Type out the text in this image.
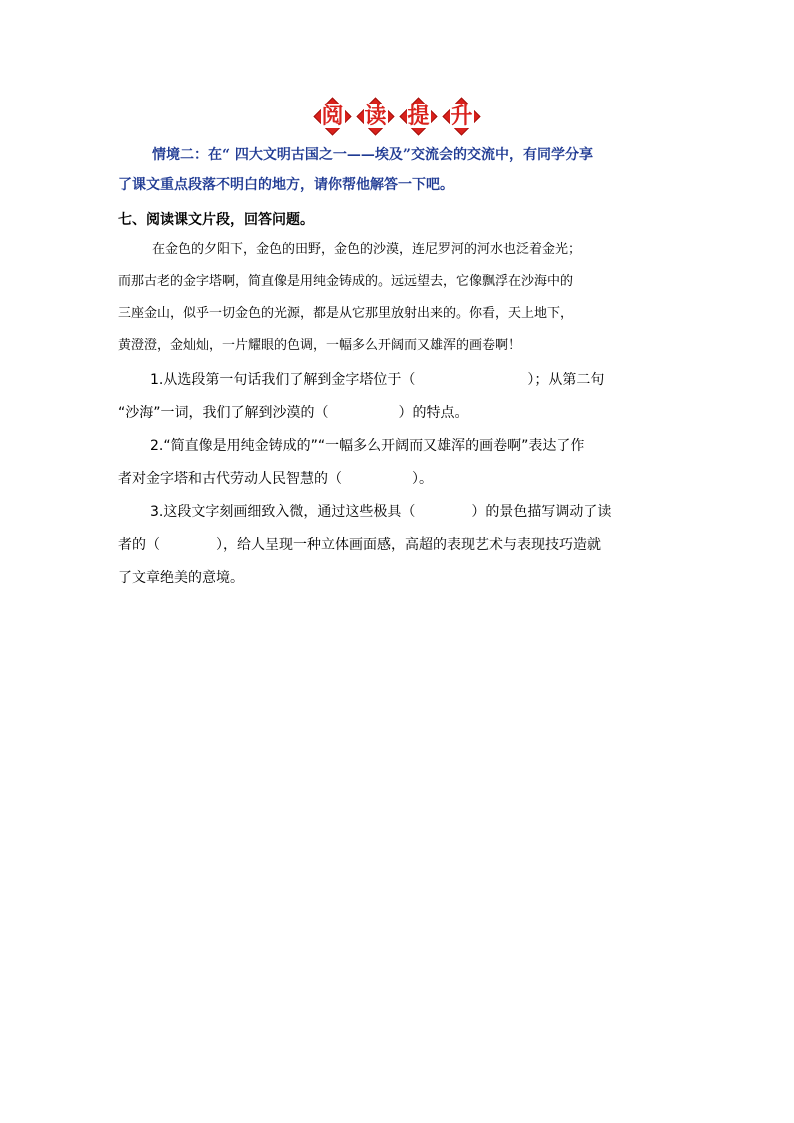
阅 读 提 升
情境二：在“ 四大文明古国之一——埃及”交流会的交流中，有同学分享
了课文重点段落不明白的地方，请你帮他解答一下吧。
七、阅读课文片段，回答问题。
在金色的夕阳下，金色的田野，金色的沙漠，连尼罗河的河水也泛着金光；
而那古老的金字塔啊，简直像是用纯金铸成的。远远望去，它像飘浮在沙海中的
三座金山，似乎一切金色的光源，都是从它那里放射出来的。你看，天上地下，
黄澄澄，金灿灿，一片耀眼的色调，一幅多么开阔而又雄浑的画卷啊！
1.从选段第一句话我们了解到金字塔位于（　　　　　　　　）；从第二句
“沙海”一词，我们了解到沙漠的（　　　　　）的特点。
2.“简直像是用纯金铸成的”“一幅多么开阔而又雄浑的画卷啊”表达了作
者对金字塔和古代劳动人民智慧的（　　　　　）。
3.这段文字刻画细致入微，通过这些极具（　　　　）的景色描写调动了读
者的（　　　　），给人呈现一种立体画面感，高超的表现艺术与表现技巧造就
了文章绝美的意境。
